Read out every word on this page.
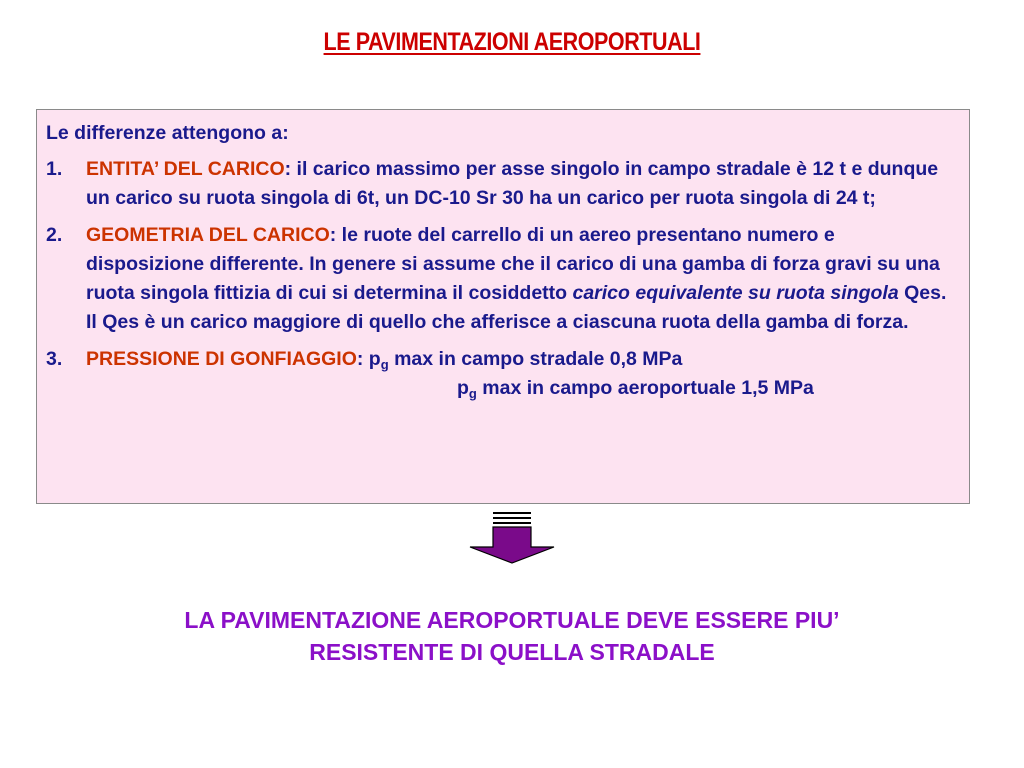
LE PAVIMENTAZIONI AEROPORTUALI
Le differenze attengono a:
1.	ENTITA’ DEL CARICO: il carico massimo per asse singolo in campo stradale è 12 t e dunque un carico su ruota singola di 6t, un DC-10 Sr 30 ha un carico per ruota singola di 24 t;
2.	GEOMETRIA DEL CARICO: le ruote del carrello di un aereo presentano numero e disposizione differente. In genere si assume che il carico di una gamba di forza gravi su una ruota singola fittizia di cui si determina il cosiddetto carico equivalente su ruota singola Qes. Il Qes è un carico maggiore di quello che afferisce a ciascuna ruota della gamba di forza.
3.	PRESSIONE DI GONFIAGGIO: $p_g$ max in campo stradale 0,8 MPa
$p_g$ max in campo aeroportuale 1,5 MPa
LA PAVIMENTAZIONE AEROPORTUALE DEVE ESSERE PIU’
RESISTENTE DI QUELLA STRADALE
